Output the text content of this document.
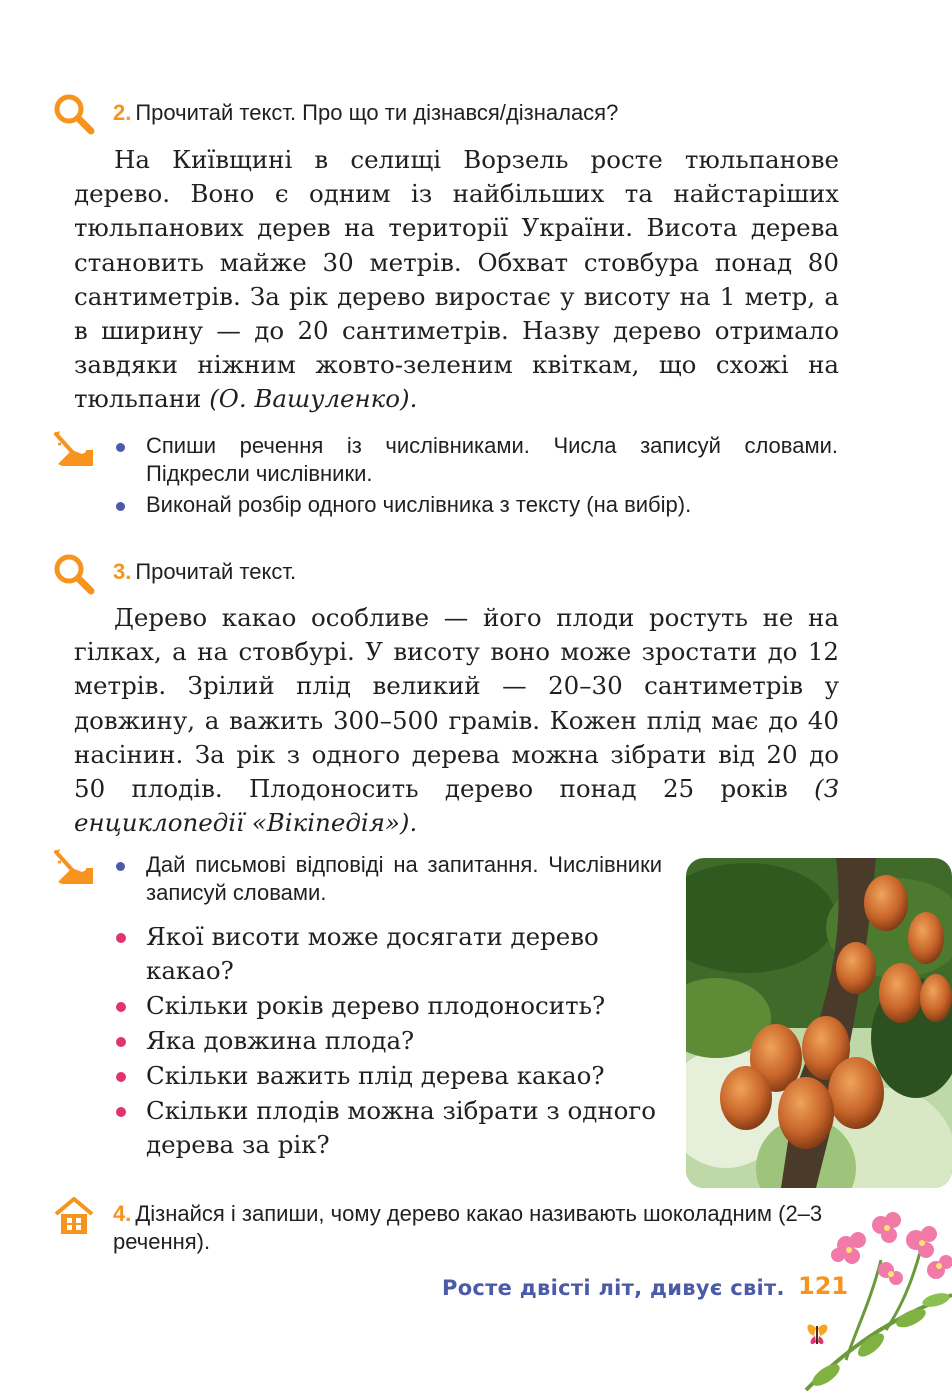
2. Прочитай текст. Про що ти дізнався/дізналася?
На Київщині в селищі Ворзель росте тюльпанове дерево. Воно є одним із найбільших та найстаріших тюльпанових дерев на території України. Висота дерева становить майже 30 метрів. Обхват стовбура понад 80 сантиметрів. За рік дерево виростає у висоту на 1 метр, а в ширину — до 20 сантиметрів. Назву дерево отримало завдяки ніжним жовто-зеленим квіткам, що схожі на тюльпани (О. Вашуленко).
Спиши речення із числівниками. Числа записуй словами. Підкресли числівники.
Виконай розбір одного числівника з тексту (на вибір).
3. Прочитай текст.
Дерево какао особливе — його плоди ростуть не на гілках, а на стовбурі. У висоту воно може зростати до 12 метрів. Зрілий плід великий — 20–30 сантиметрів у довжину, а важить 300–500 грамів. Кожен плід має до 40 насінин. За рік з одного дерева можна зібрати від 20 до 50 плодів. Плодоносить дерево понад 25 років (З енциклопедії «Вікіпедія»).
Дай письмові відповіді на запитання. Числівники записуй словами.
Якої висоти може досягати дерево какао?
Скільки років дерево плодоносить?
Яка довжина плода?
Скільки важить плід дерева какао?
Скільки плодів можна зібрати з одного дерева за рік?
4. Дізнайся і запиши, чому дерево какао називають шоколадним (2–3 речення).
Росте двісті літ, дивує світ. 121
